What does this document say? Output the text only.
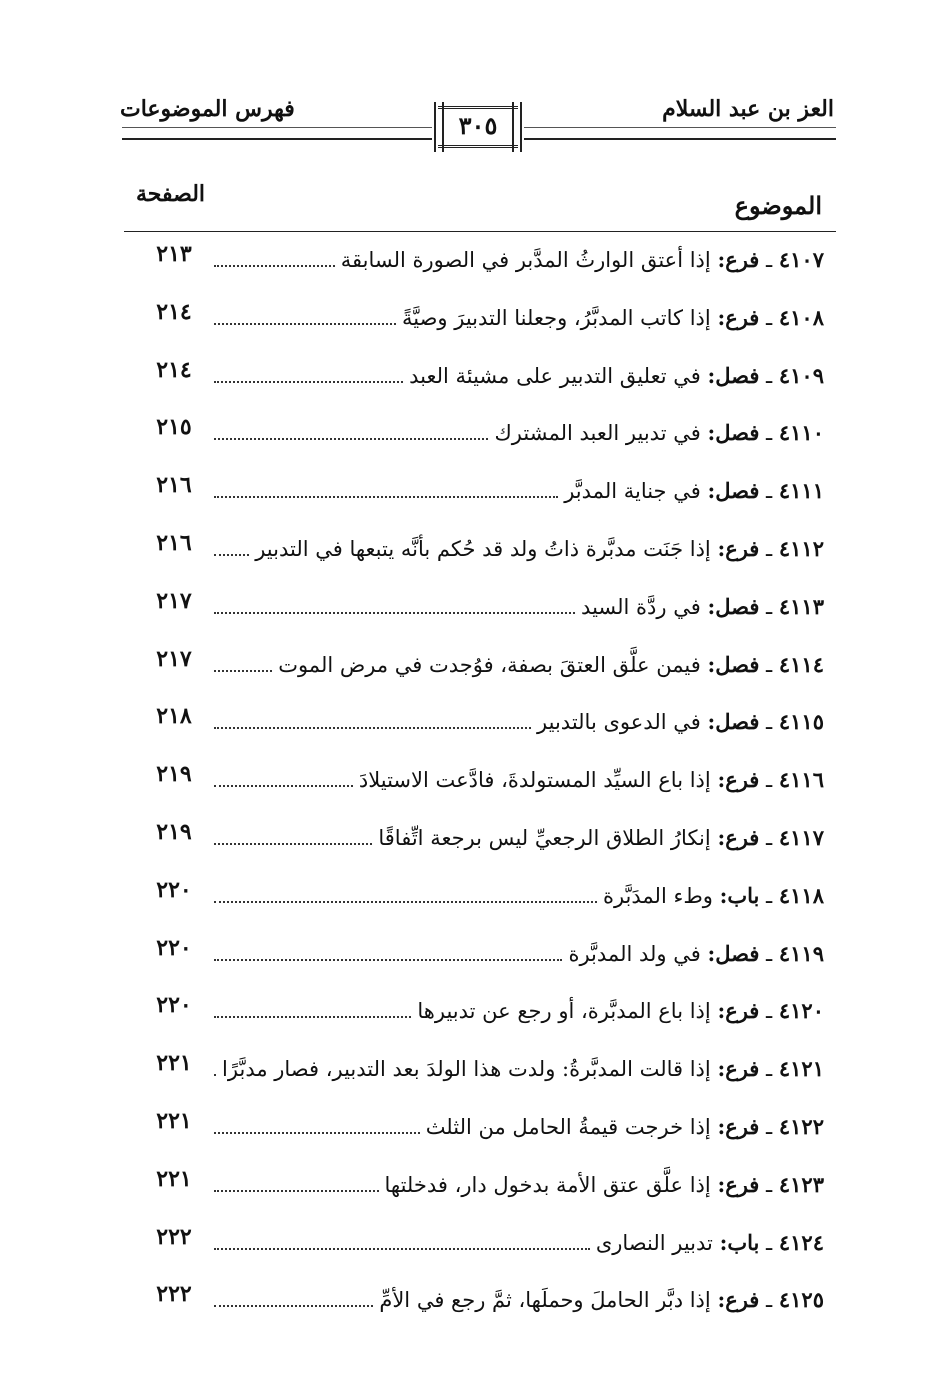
العز بن عبد السلام
فهرس الموضوعات
٣٠٥
الموضوع
الصفحة
٢١٣	٤١٠٧ ـ فرع: إذا أعتق الوارثُ المدَّبر في الصورة السابقة
٢١٤	٤١٠٨ ـ فرع: إذا كاتب المدبَّرُ، وجعلنا التدبيرَ وصيَّةً
٢١٤	٤١٠٩ ـ فصل: في تعليق التدبير على مشيئة العبد
٢١٥	٤١١٠ ـ فصل: في تدبير العبد المشترك
٢١٦	٤١١١ ـ فصل: في جناية المدبَّر
٢١٦	٤١١٢ ـ فرع: إذا جَنَت مدبَّرة ذاتُ ولد قد حُكم بأنَّه يتبعها في التدبير
٢١٧	٤١١٣ ـ فصل: في ردَّة السيد
٢١٧	٤١١٤ ـ فصل: فيمن علَّق العتقَ بصفة، فوُجدت في مرض الموت
٢١٨	٤١١٥ ـ فصل: في الدعوى بالتدبير
٢١٩	٤١١٦ ـ فرع: إذا باع السيِّد المستولدةَ، فادَّعت الاستيلادَ
٢١٩	٤١١٧ ـ فرع: إنكارُ الطلاق الرجعيِّ ليس برجعة اتِّفاقًا
٢٢٠	٤١١٨ ـ باب: وطء المدَبَّرة
٢٢٠	٤١١٩ ـ فصل: في ولد المدبَّرة
٢٢٠	٤١٢٠ ـ فرع: إذا باع المدبَّرة، أو رجع عن تدبيرها
٢٢١	٤١٢١ ـ فرع: إذا قالت المدبَّرةُ: ولدت هذا الولدَ بعد التدبير، فصار مدبَّرًا
٢٢١	٤١٢٢ ـ فرع: إذا خرجت قيمةُ الحامل من الثلث
٢٢١	٤١٢٣ ـ فرع: إذا علَّق عتق الأمة بدخول دار، فدخلتها
٢٢٢	٤١٢٤ ـ باب: تدبير النصارى
٢٢٢	٤١٢٥ ـ فرع: إذا دبَّر الحاملَ وحملَها، ثمَّ رجع في الأمِّ
